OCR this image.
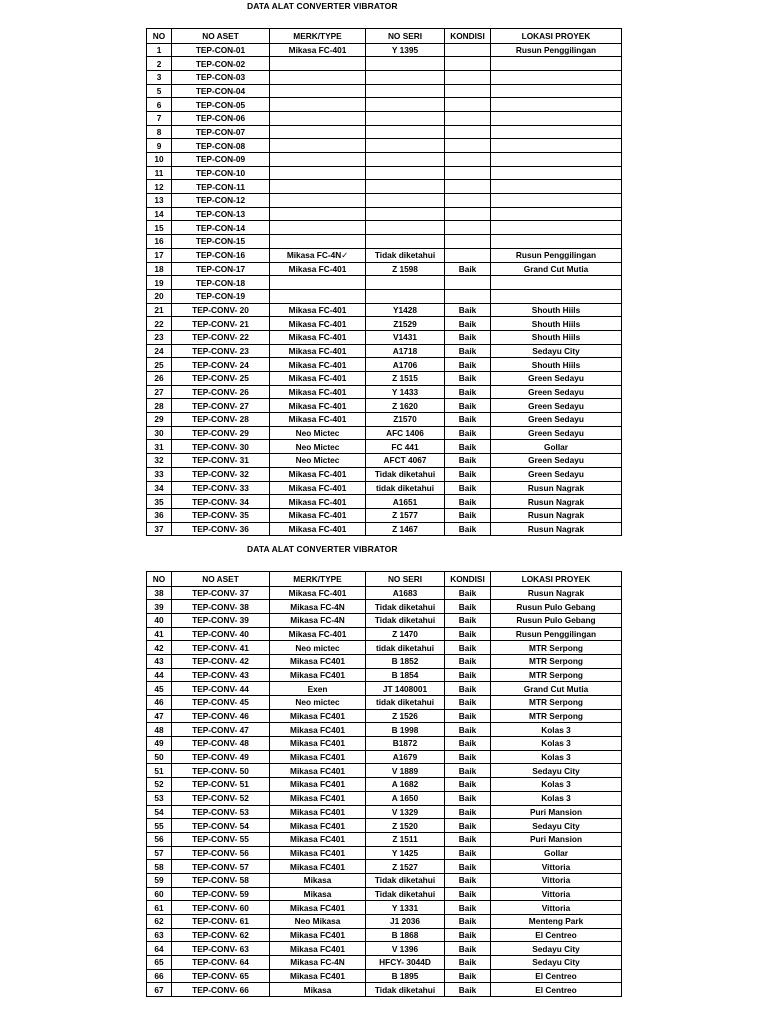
DATA ALAT CONVERTER VIBRATOR
NO	NO ASET	MERK/TYPE	NO SERI	KONDISI	LOKASI PROYEK
1	TEP-CON-01	Mikasa FC-401	Y 1395		Rusun Penggilingan
2	TEP-CON-02				
3	TEP-CON-03				
5	TEP-CON-04				
6	TEP-CON-05				
7	TEP-CON-06				
8	TEP-CON-07				
9	TEP-CON-08				
10	TEP-CON-09				
11	TEP-CON-10				
12	TEP-CON-11				
13	TEP-CON-12				
14	TEP-CON-13				
15	TEP-CON-14				
16	TEP-CON-15				
17	TEP-CON-16	Mikasa FC-4N✓	Tidak diketahui		Rusun Penggilingan
18	TEP-CON-17	Mikasa FC-401	Z 1598	Baik	Grand Cut Mutia
19	TEP-CON-18				
20	TEP-CON-19				
21	TEP-CONV- 20	Mikasa FC-401	Y1428	Baik	Shouth Hiils
22	TEP-CONV- 21	Mikasa FC-401	Z1529	Baik	Shouth Hiils
23	TEP-CONV- 22	Mikasa FC-401	V1431	Baik	Shouth Hiils
24	TEP-CONV- 23	Mikasa FC-401	A1718	Baik	Sedayu City
25	TEP-CONV- 24	Mikasa FC-401	A1706	Baik	Shouth Hiils
26	TEP-CONV- 25	Mikasa FC-401	Z 1515	Baik	Green Sedayu
27	TEP-CONV- 26	Mikasa FC-401	Y 1433	Baik	Green Sedayu
28	TEP-CONV- 27	Mikasa FC-401	Z 1620	Baik	Green Sedayu
29	TEP-CONV- 28	Mikasa FC-401	Z1570	Baik	Green Sedayu
30	TEP-CONV- 29	Neo Mictec	AFC 1406	Baik	Green Sedayu
31	TEP-CONV- 30	Neo Mictec	FC 441	Baik	Gollar
32	TEP-CONV- 31	Neo Mictec	AFCT 4067	Baik	Green Sedayu
33	TEP-CONV- 32	Mikasa FC-401	Tidak diketahui	Baik	Green Sedayu
34	TEP-CONV- 33	Mikasa FC-401	tidak diketahui	Baik	Rusun Nagrak
35	TEP-CONV- 34	Mikasa FC-401	A1651	Baik	Rusun Nagrak
36	TEP-CONV- 35	Mikasa FC-401	Z 1577	Baik	Rusun Nagrak
37	TEP-CONV- 36	Mikasa FC-401	Z 1467	Baik	Rusun Nagrak
DATA ALAT CONVERTER VIBRATOR
NO	NO ASET	MERK/TYPE	NO SERI	KONDISI	LOKASI PROYEK
38	TEP-CONV- 37	Mikasa FC-401	A1683	Baik	Rusun Nagrak
39	TEP-CONV- 38	Mikasa FC-4N	Tidak diketahui	Baik	Rusun Pulo Gebang
40	TEP-CONV- 39	Mikasa FC-4N	Tidak diketahui	Baik	Rusun Pulo Gebang
41	TEP-CONV- 40	Mikasa FC-401	Z 1470	Baik	Rusun Penggilingan
42	TEP-CONV- 41	Neo mictec	tidak diketahui	Baik	MTR Serpong
43	TEP-CONV- 42	Mikasa FC401	B 1852	Baik	MTR Serpong
44	TEP-CONV- 43	Mikasa FC401	B 1854	Baik	MTR Serpong
45	TEP-CONV- 44	Exen	JT 1408001	Baik	Grand Cut Mutia
46	TEP-CONV- 45	Neo mictec	tidak diketahui	Baik	MTR Serpong
47	TEP-CONV- 46	Mikasa FC401	Z 1526	Baik	MTR Serpong
48	TEP-CONV- 47	Mikasa FC401	B 1998	Baik	Kolas 3
49	TEP-CONV- 48	Mikasa FC401	B1872	Baik	Kolas 3
50	TEP-CONV- 49	Mikasa FC401	A1679	Baik	Kolas 3
51	TEP-CONV- 50	Mikasa FC401	V 1889	Baik	Sedayu City
52	TEP-CONV- 51	Mikasa FC401	A 1682	Baik	Kolas 3
53	TEP-CONV- 52	Mikasa FC401	A 1650	Baik	Kolas 3
54	TEP-CONV- 53	Mikasa FC401	V 1329	Baik	Puri Mansion
55	TEP-CONV- 54	Mikasa FC401	Z 1520	Baik	Sedayu City
56	TEP-CONV- 55	Mikasa FC401	Z 1511	Baik	Puri Mansion
57	TEP-CONV- 56	Mikasa FC401	Y 1425	Baik	Gollar
58	TEP-CONV- 57	Mikasa FC401	Z 1527	Baik	Vittoria
59	TEP-CONV- 58	Mikasa	Tidak diketahui	Baik	Vittoria
60	TEP-CONV- 59	Mikasa	Tidak diketahui	Baik	Vittoria
61	TEP-CONV- 60	Mikasa FC401	Y 1331	Baik	Vittoria
62	TEP-CONV- 61	Neo Mikasa	J1 2036	Baik	Menteng Park
63	TEP-CONV- 62	Mikasa FC401	B 1868	Baik	El Centreo
64	TEP-CONV- 63	Mikasa FC401	V 1396	Baik	Sedayu City
65	TEP-CONV- 64	Mikasa FC-4N	HFCY- 3044D	Baik	Sedayu City
66	TEP-CONV- 65	Mikasa FC401	B 1895	Baik	El Centreo
67	TEP-CONV- 66	Mikasa	Tidak diketahui	Baik	El Centreo
